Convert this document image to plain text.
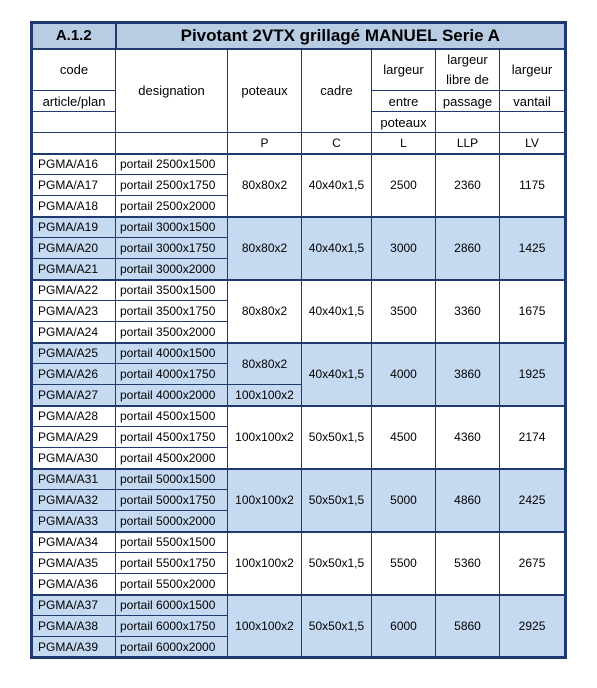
A.1.2	Pivotant 2VTX grillagé MANUEL Serie A					
code	designation	poteaux	cadre	largeur	largeur	largeur
					libre de	
article/plan				entre	passage	vantail
				poteaux		
		P	C	L	LLP	LV
PGMA/A16	portail 2500x1500	80x80x2	40x40x1,5	2500	2360	1175
PGMA/A17	portail 2500x1750					
PGMA/A18	portail 2500x2000					
PGMA/A19	portail 3000x1500	80x80x2	40x40x1,5	3000	2860	1425
PGMA/A20	portail 3000x1750					
PGMA/A21	portail 3000x2000					
PGMA/A22	portail 3500x1500	80x80x2	40x40x1,5	3500	3360	1675
PGMA/A23	portail 3500x1750					
PGMA/A24	portail 3500x2000					
PGMA/A25	portail 4000x1500	80x80x2	40x40x1,5	4000	3860	1925
PGMA/A26	portail 4000x1750					
PGMA/A27	portail 4000x2000	100x100x2				
PGMA/A28	portail 4500x1500	100x100x2	50x50x1,5	4500	4360	2174
PGMA/A29	portail 4500x1750					
PGMA/A30	portail 4500x2000					
PGMA/A31	portail 5000x1500	100x100x2	50x50x1,5	5000	4860	2425
PGMA/A32	portail 5000x1750					
PGMA/A33	portail 5000x2000					
PGMA/A34	portail 5500x1500	100x100x2	50x50x1,5	5500	5360	2675
PGMA/A35	portail 5500x1750					
PGMA/A36	portail 5500x2000					
PGMA/A37	portail 6000x1500	100x100x2	50x50x1,5	6000	5860	2925
PGMA/A38	portail 6000x1750					
PGMA/A39	portail 6000x2000					
